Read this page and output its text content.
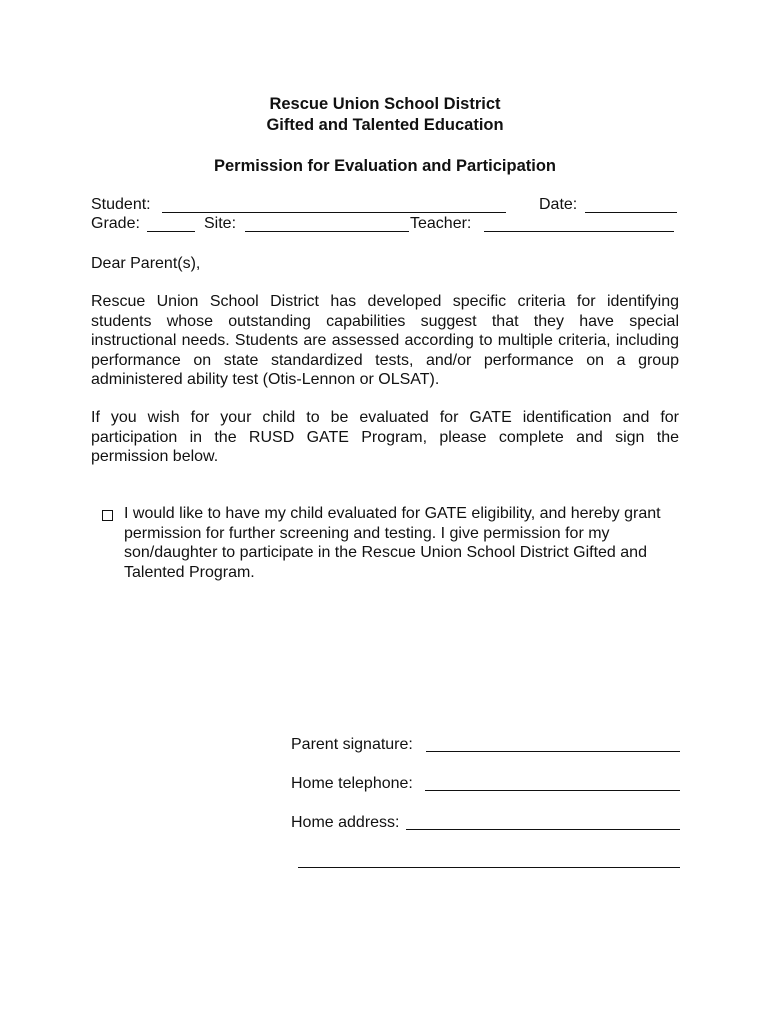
Rescue Union School District
Gifted and Talented Education
Permission for Evaluation and Participation
Student:	Date:
Grade:	Site:	Teacher:
Dear Parent(s),
Rescue Union School District has developed specific criteria for identifying students whose outstanding capabilities suggest that they have special instructional needs. Students are assessed according to multiple criteria, including performance on state standardized tests, and/or performance on a group administered ability test (Otis-Lennon or OLSAT).
If you wish for your child to be evaluated for GATE identification and for participation in the RUSD GATE Program, please complete and sign the permission below.
I would like to have my child evaluated for GATE eligibility, and hereby grant permission for further screening and testing. I give permission for my son/daughter to participate in the Rescue Union School District Gifted and Talented Program.
Parent signature:
Home telephone:
Home address:
